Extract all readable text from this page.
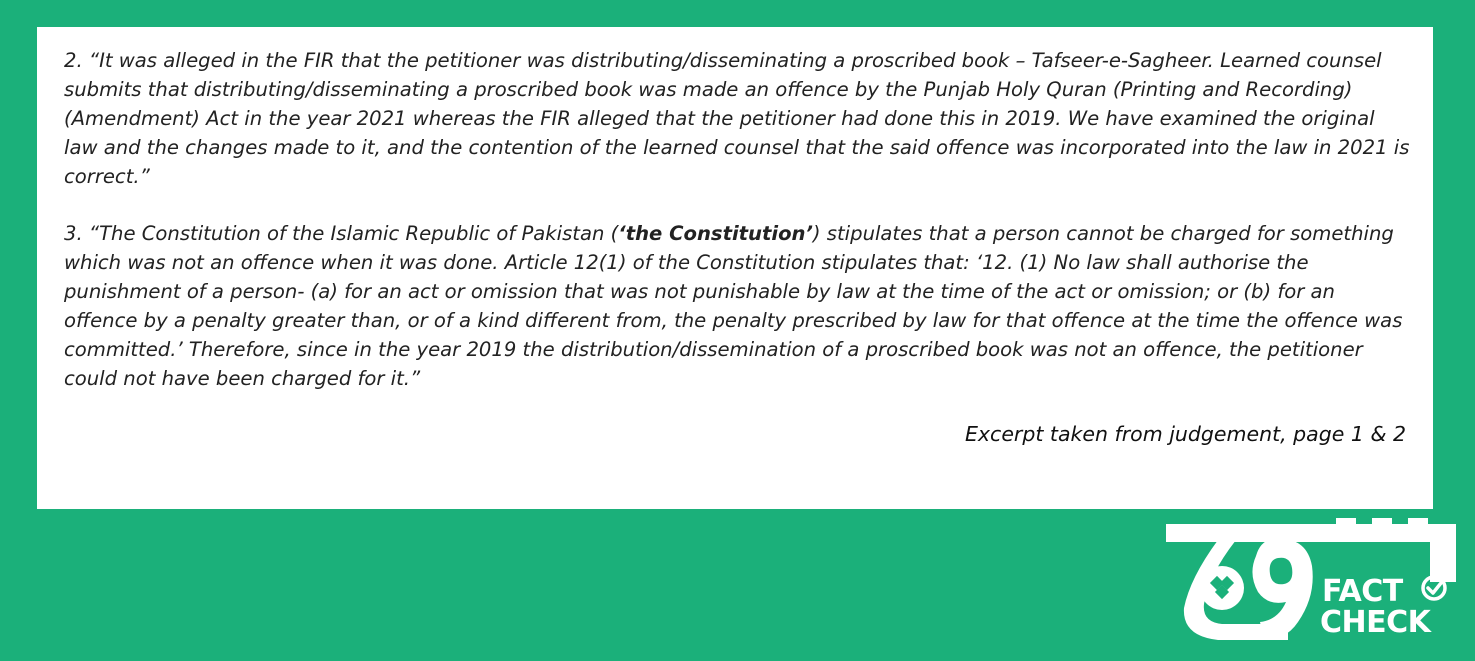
2. “It was alleged in the FIR that the petitioner was distributing/disseminating a proscribed book – Tafseer-e-Sagheer. Learned counsel submits that distributing/disseminating a proscribed book was made an offence by the Punjab Holy Quran (Printing and Recording) (Amendment) Act in the year 2021 whereas the FIR alleged that the petitioner had done this in 2019. We have examined the original law and the changes made to it, and the contention of the learned counsel that the said offence was incorporated into the law in 2021 is correct.”

3. “The Constitution of the Islamic Republic of Pakistan (‘the Constitution’) stipulates that a person cannot be charged for something which was not an offence when it was done. Article 12(1) of the Constitution stipulates that: ‘12. (1) No law shall authorise the punishment of a person- (a) for an act or omission that was not punishable by law at the time of the act or omission; or (b) for an offence by a penalty greater than, or of a kind different from, the penalty prescribed by law for that offence at the time the offence was committed.’ Therefore, since in the year 2019 the distribution/dissemination of a proscribed book was not an offence, the petitioner could not have been charged for it.”

Excerpt taken from judgement, page 1 & 2

FACT
CHECK
